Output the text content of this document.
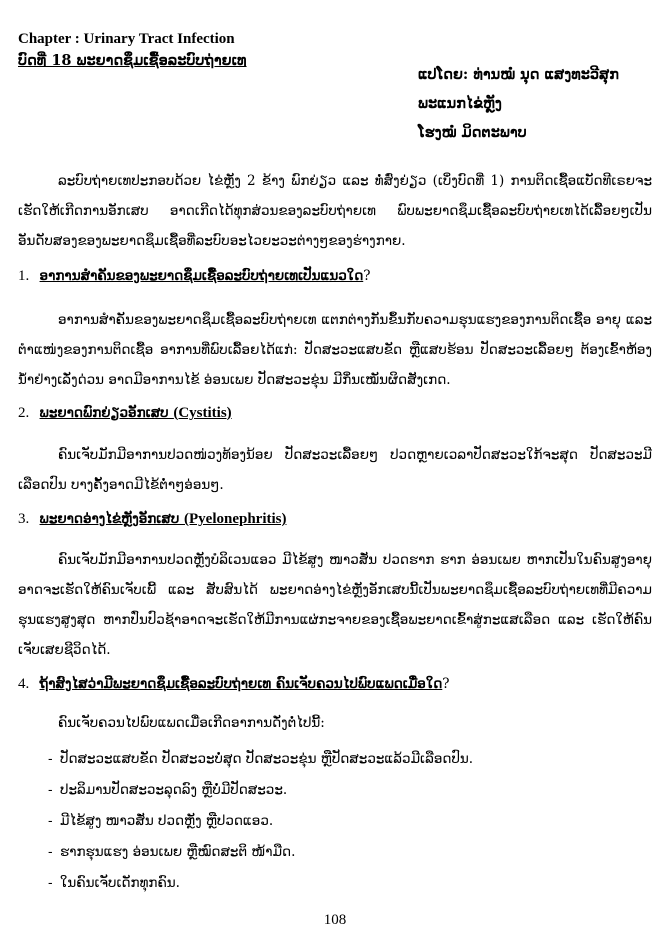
Chapter : Urinary Tract Infection
ບົດທີ່ 18 ພະຍາດຊຶມເຊື້ອລະບົບຖ່າຍເທ
ແປໂດຍ: ທ່ານໝໍ ນຸດ ແສງທະວີສຸກ
ພະແນກໄຂ່ຫຼັງ
ໂຮງໝໍ ມິດຕະພາບ
ລະບົບຖ່າຍເທປະກອບດ້ວຍ ໄຂ່ຫຼັງ 2 ຂ້າງ ພົກຍ່ຽວ ແລະ ທໍ່ສົ່ງຍ່ຽວ (ເບິ່ງບົດທີ່ 1) ການຕິດເຊື້ອແບັດທີເຣຍຈະເຮັດໃຫ້ເກີດການອັກເສບ ອາດເກີດໄດ້ທຸກສ່ວນຂອງລະບົບຖ່າຍເທ ພົບພະຍາດຊຶມເຊື້ອລະບົບຖ່າຍເທໄດ້ເລື້ອຍໆເປັນອັນດັບສອງຂອງພະຍາດຊຶມເຊື້ອທີ່ລະບົບອະໄວຍະວະຕ່າງໆຂອງຮ່າງກາຍ.
1. ອາການສຳຄັນຂອງພະຍາດຊຶມເຊື້ອລະບົບຖ່າຍເທເປັນແນວໃດ?
ອາການສຳຄັນຂອງພະຍາດຊຶມເຊື້ອລະບົບຖ່າຍເທ ແຕກຕ່າງກັນຂຶ້ນກັບຄວາມຮຸນແຮງຂອງການຕິດເຊື້ອ ອາຍຸ ແລະ ຕຳແໜ່ງຂອງການຕິດເຊື້ອ ອາການທີ່ພົບເລື້ອຍໄດ້ແກ່: ປັດສະວະແສບຂັດ ຫຼືແສບຮ້ອນ ປັດສະວະເລື້ອຍໆ ຕ້ອງເຂົ້າຫ້ອງນ້ຳຢ່າງເລັ່ງດ່ວນ ອາດມີອາການໄຂ້ ອ່ອນເພຍ ປັດສະວະຂຸ່ນ ມີກິ່ນເໝັນຜິດສັງເກດ.
2. ພະຍາດພົກຍ່ຽວອັກເສບ (Cystitis)
ຄົນເຈັບມັກມີອາການປວດໜ່ວງທ້ອງນ້ອຍ ປັດສະວະເລື້ອຍໆ ປວດຫຼາຍເວລາປັດສະວະໃກ້ຈະສຸດ ປັດສະວະມີເລືອດປົນ ບາງຄັ້ງອາດມີໄຂ້ຕ່ຳໆອ່ອນໆ.
3. ພະຍາດອ່າງໄຂ່ຫຼັງອັກເສບ (Pyelonephritis)
ຄົນເຈັບມັກມີອາການປວດຫຼັງບໍລິເວນແອວ ມີໄຂ້ສູງ ໜາວສັ່ນ ປວດຮາກ ຮາກ ອ່ອນເພຍ ຫາກເປັນໃນຄົນສູງອາຍຸ ອາດຈະເຮັດໃຫ້ຄົນເຈັບເພີ້ ແລະ ສັບສົນໄດ້ ພະຍາດອ່າງໄຂ່ຫຼັງອັກເສບນີ້ເປັນພະຍາດຊຶມເຊື້ອລະບົບຖ່າຍເທທີ່ມີຄວາມຮຸນແຮງສູງສຸດ ຫາກປົ່ນປົວຊ້າອາດຈະເຮັດໃຫ້ມີການແຜ່ກະຈາຍຂອງເຊື້ອພະຍາດເຂົ້າສູ່ກະແສເລືອດ ແລະ ເຮັດໃຫ້ຄົນເຈັບເສຍຊີວິດໄດ້.
4. ຖ້າສົງໄສວ່າມີພະຍາດຊຶມເຊື້ອລະບົບຖ່າຍເທ ຄົນເຈັບຄວນໄປພົບແພດເມື່ອໃດ?
ຄົນເຈັບຄວນໄປພົບແພດເມື່ອເກີດອາການດັ່ງຕໍ່ໄປນີ້:
- ປັດສະວະແສບຂັດ ປັດສະວະບໍ່ສຸດ ປັດສະວະຂຸ່ນ ຫຼືປັດສະວະແລ້ວມີເລືອດປົນ.
- ປະລິມານປັດສະວະລຸດລົງ ຫຼືບໍ່ມີປັດສະວະ.
- ມີໄຂ້ສູງ ໜາວສັ່ນ ປວດຫຼັງ ຫຼືປວດແອວ.
- ຮາກຮຸນແຮງ ອ່ອນເພຍ ຫຼືໝົດສະຕິ ໜ້າມືດ.
- ໃນຄົນເຈັບເດັກທຸກຄົນ.
108
